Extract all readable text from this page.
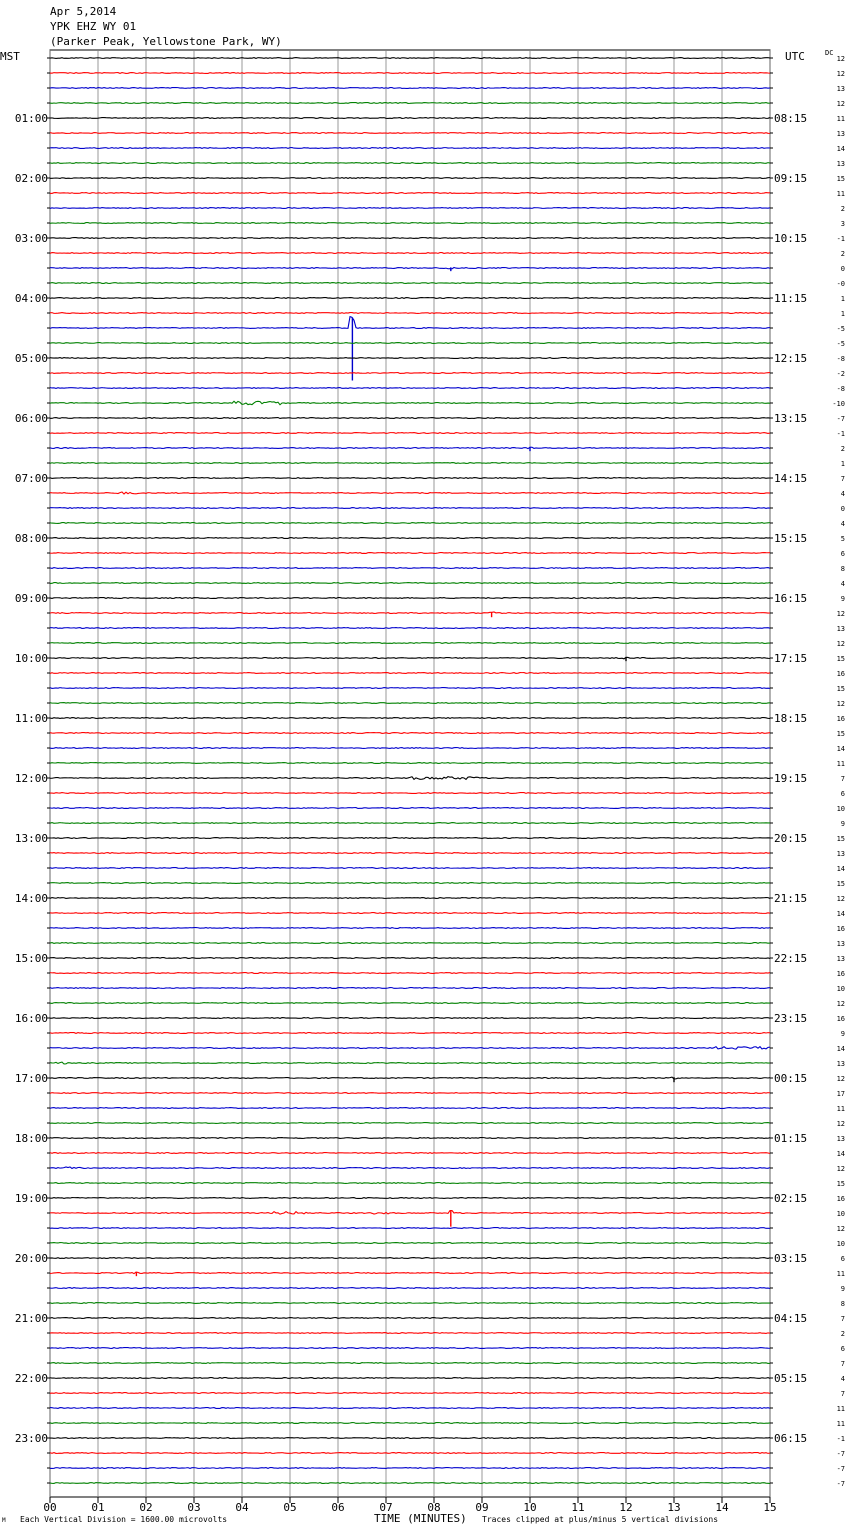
Apr 5,2014
YPK EHZ WY 01
(Parker Peak, Yellowstone Park, WY)
MST	UTC	DC
00	01	02	03	04	05	06	07	08	09	10	11	12	13	14	15
12
12
13
12
11
13
14
13
15
11
2
3
-1
2
0
-0
1
1
-5
-5
-8
-2
-8
-10
-7
-1
2
1
7
4
0
4
5
6
8
4
9
12
13
12
15
16
15
12
16
15
14
11
7
6
10
9
15
13
14
15
12
14
16
13
13
16
10
12
16
9
14
13
12
17
11
12
13
14
12
15
16
10
12
10
6
11
9
8
7
2
6
7
4
7
11
11
-1
-7
-7
-7
01:00
02:00
03:00
04:00
05:00
06:00
07:00
08:00
09:00
10:00
11:00
12:00
13:00
14:00
15:00
16:00
17:00
18:00
19:00
20:00
21:00
22:00
23:00
08:15
09:15
10:15
11:15
12:15
13:15
14:15
15:15
16:15
17:15
18:15
19:15
20:15
21:15
22:15
23:15
00:15
01:15
02:15
03:15
04:15
05:15
06:15
M Each Vertical Division = 1600.00 microvolts	TIME (MINUTES) Traces clipped at plus/minus 5 vertical divisions
